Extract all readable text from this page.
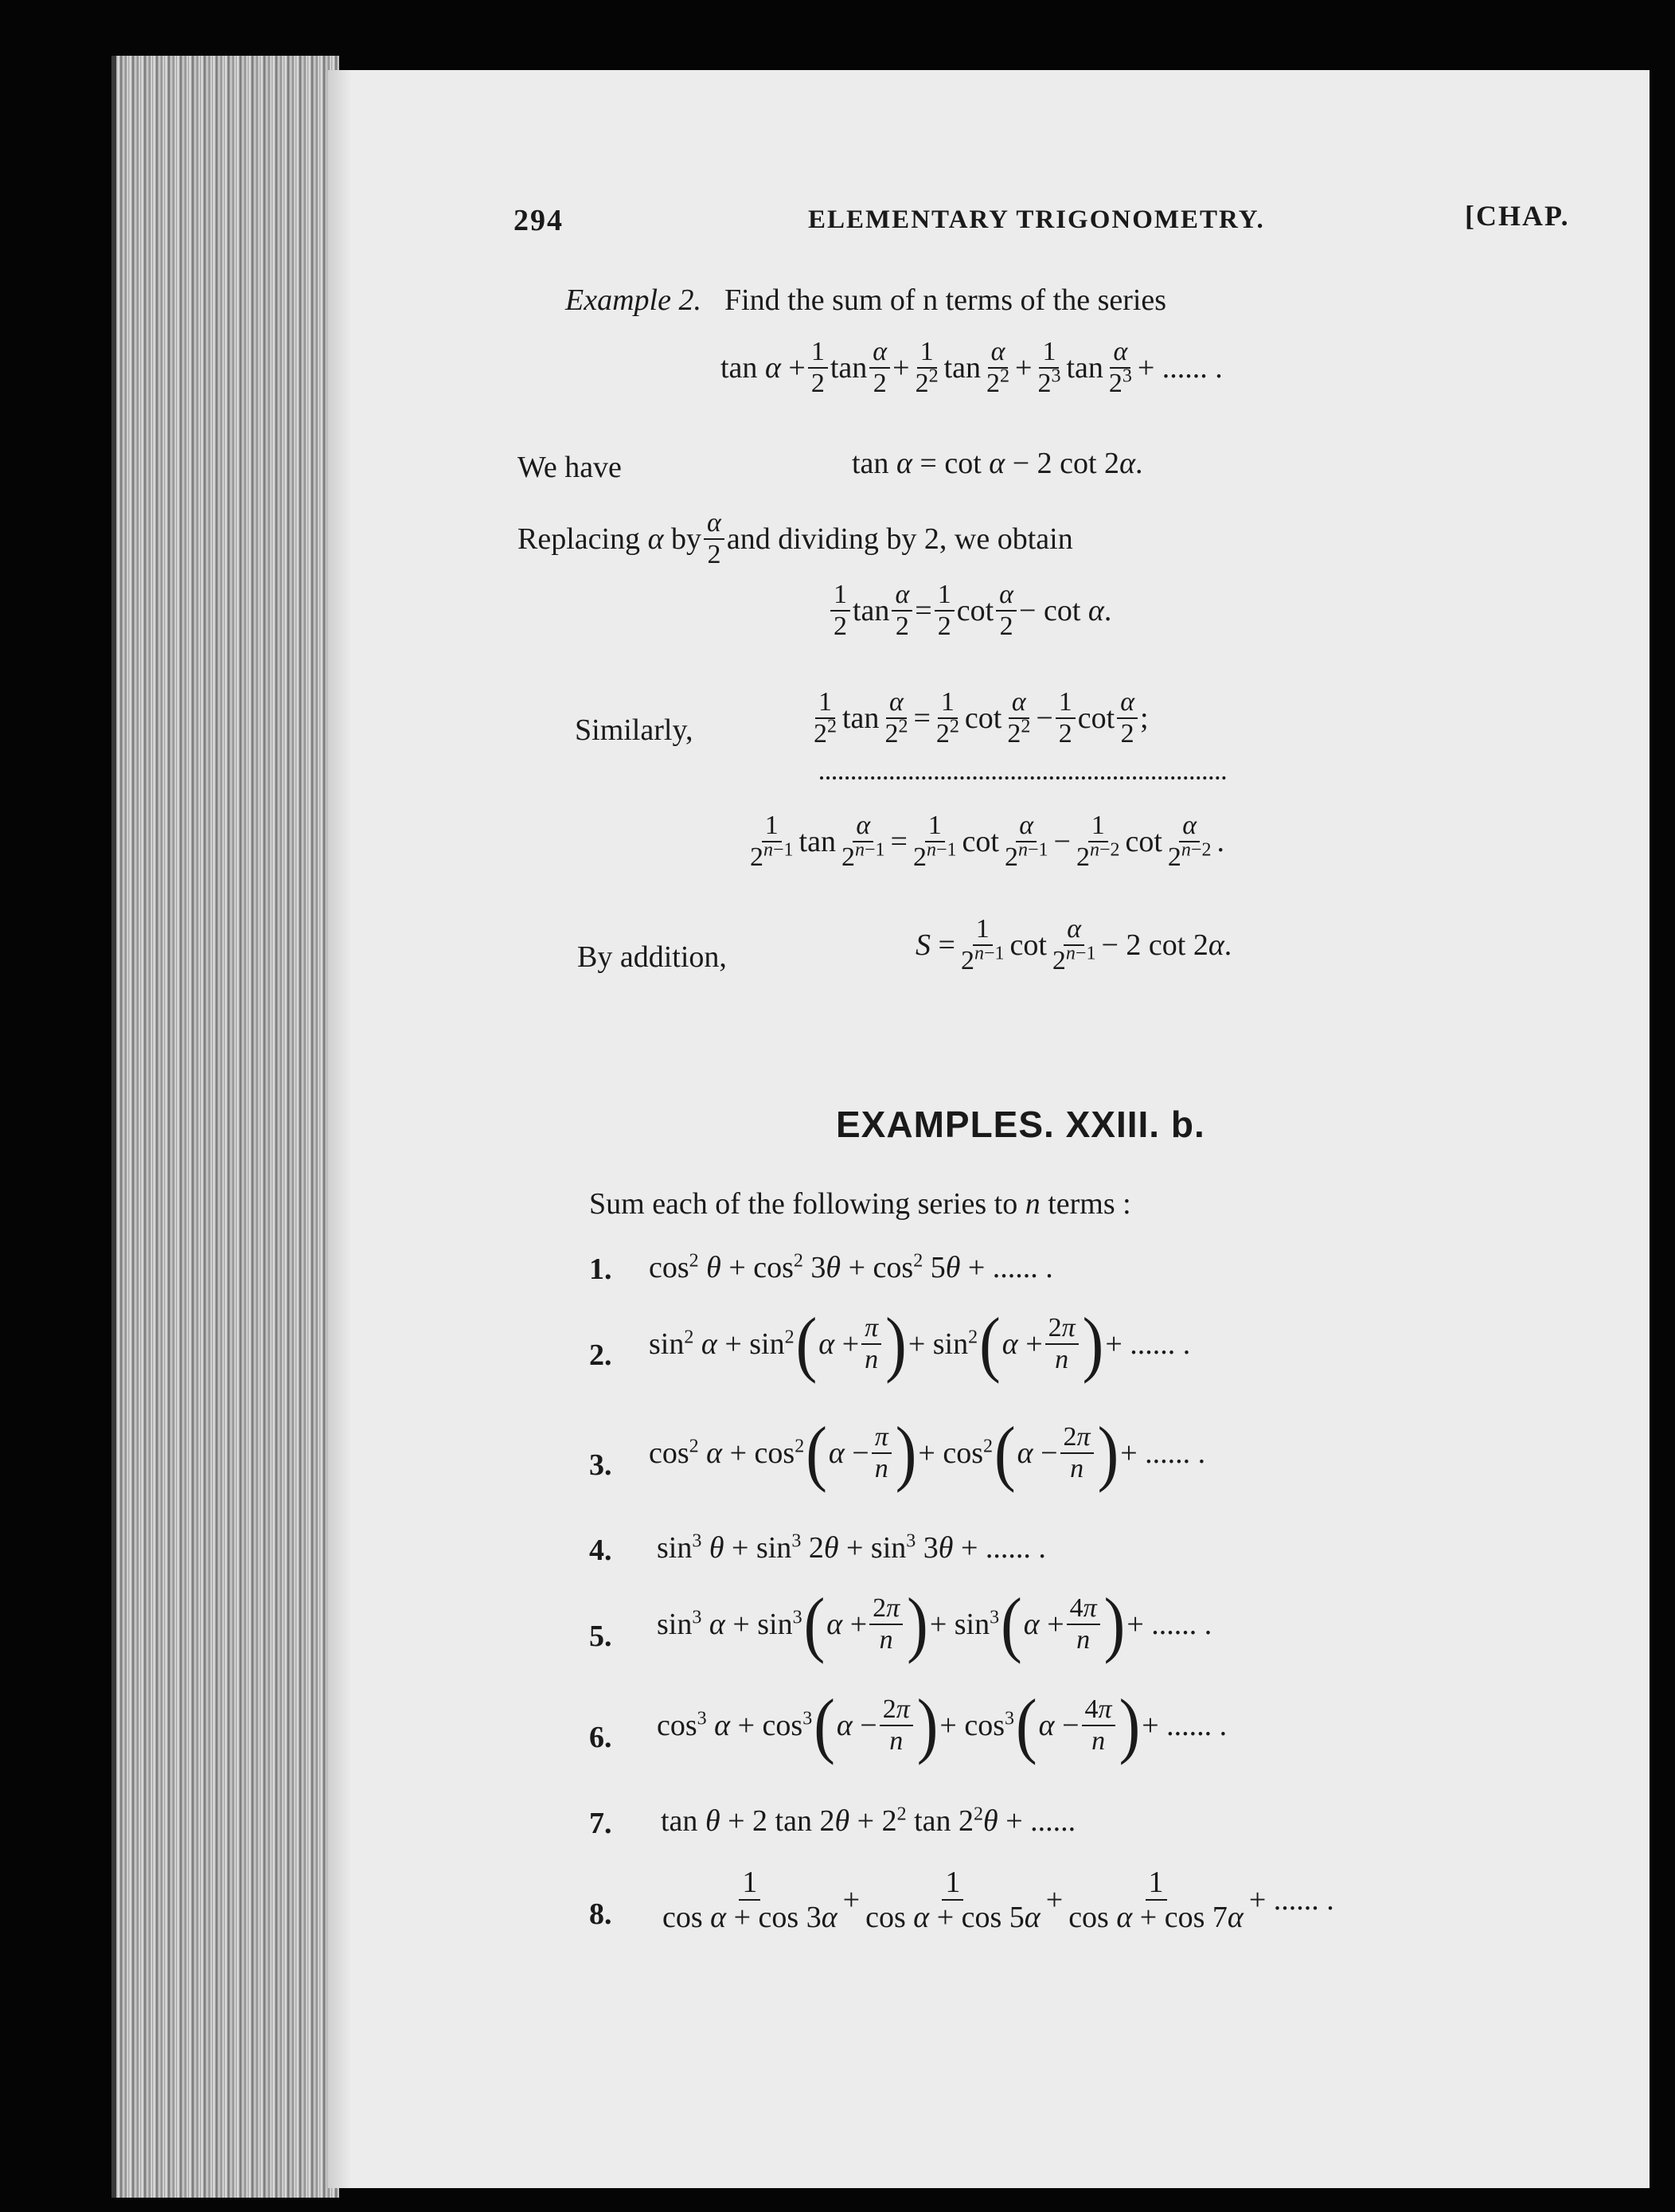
294	ELEMENTARY TRIGONOMETRY.	[CHAP.
Example 2. Find the sum of n terms of the series
$\tan \alpha + \frac{1}{2}$ $\tan \frac{\alpha}{2} + \frac{1}{2^2}$ $\tan \frac{\alpha}{2^2} + \frac{1}{2^3}$ $\tan \frac{\alpha}{2^3}$ + ...... .
We have	tan α = cot α − 2 cot 2α.
Replacing α by $\frac{\alpha}{2}$ and dividing by 2, we obtain
$\frac{1}{2}$ $\tan \frac{\alpha}{2} = \frac{1}{2}$ $\cot \frac{\alpha}{2} - \cot \alpha$.
Similarly,	$\frac{1}{2^2}$ $\tan \frac{\alpha}{2^2} = \frac{1}{2^2}$ $\cot \frac{\alpha}{2^2} - \frac{1}{2}$ $\cot \frac{\alpha}{2}$ ;
$\frac{1}{2^{n-1}}$ $\tan \frac{\alpha}{2^{n-1}} = \frac{1}{2^{n-1}}$ $\cot \frac{\alpha}{2^{n-1}} - \frac{1}{2^{n-2}}$ $\cot \frac{\alpha}{2^{n-2}}$ .
By addition,	$S = \frac{1}{2^{n-1}}$ $\cot \frac{\alpha}{2^{n-1}} - 2$ cot 2α.
EXAMPLES. XXIII. b.
Sum each of the following series to n terms :
1. $\cos^2 \theta + \cos^2 3\theta + \cos^2 5\theta$ + ...... .
2. $\sin^2 \alpha + \sin^2$ ( $\alpha + \frac{\pi}{n}$ ) + $\sin^2$ ( $\alpha + \frac{2\pi}{n}$ ) + ...... .
3. $\cos^2 \alpha + \cos^2$ ( $\alpha - \frac{\pi}{n}$ ) + $\cos^2$ ( $\alpha - \frac{2\pi}{n}$ ) + ...... .
4. $\sin^3 \theta + \sin^3 2\theta + \sin^3 3\theta$ + ...... .
5. $\sin^3 \alpha + \sin^3$ ( $\alpha + \frac{2\pi}{n}$ ) + $\sin^3$ ( $\alpha + \frac{4\pi}{n}$ ) + ...... .
6. $\cos^3 \alpha + \cos^3$ ( $\alpha - \frac{2\pi}{n}$ ) + $\cos^3$ ( $\alpha - \frac{4\pi}{n}$ ) + ...... .
7. tan θ + 2 $\tan 2\theta + 2^2$ $\tan 2^2\theta$ + ......
8. $\frac{1}{\text{cos α + cos 3α}} + \frac{1}{\text{cos α + cos 5α}} + \frac{1}{\text{cos α + cos 7α}}$ + ...... .
